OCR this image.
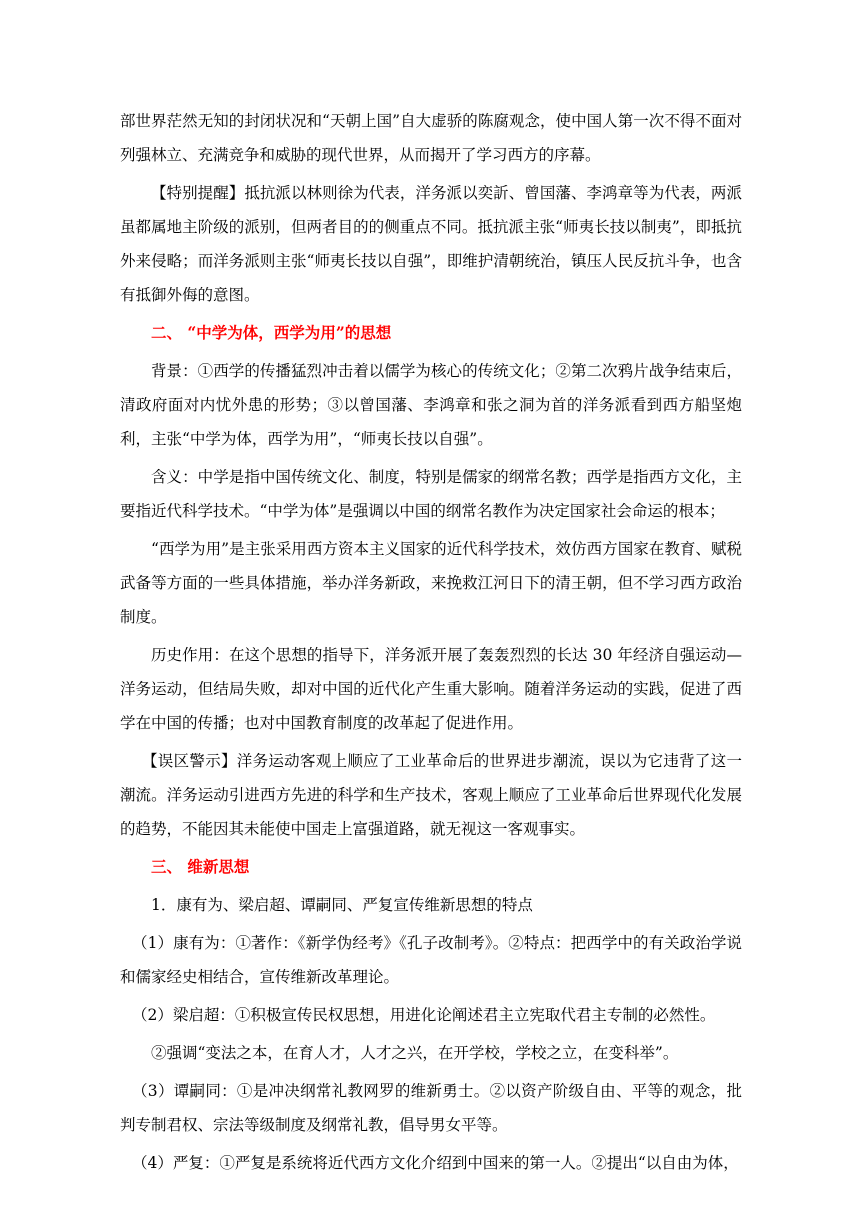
部世界茫然无知的封闭状况和“天朝上国”自大虚骄的陈腐观念，使中国人第一次不得不面对列强林立、充满竞争和威胁的现代世界，从而揭开了学习西方的序幕。

【特别提醒】抵抗派以林则徐为代表，洋务派以奕訢、曾国藩、李鸿章等为代表，两派虽都属地主阶级的派别，但两者目的的侧重点不同。抵抗派主张“师夷长技以制夷”，即抵抗外来侵略；而洋务派则主张“师夷长技以自强”，即维护清朝统治，镇压人民反抗斗争，也含有抵御外侮的意图。

二、 “中学为体，西学为用”的思想

背景：①西学的传播猛烈冲击着以儒学为核心的传统文化；②第二次鸦片战争结束后，清政府面对内忧外患的形势；③以曾国藩、李鸿章和张之洞为首的洋务派看到西方船坚炮利，主张“中学为体，西学为用”，“师夷长技以自强”。

含义：中学是指中国传统文化、制度，特别是儒家的纲常名教；西学是指西方文化，主要指近代科学技术。“中学为体”是强调以中国的纲常名教作为决定国家社会命运的根本；

“西学为用”是主张采用西方资本主义国家的近代科学技术，效仿西方国家在教育、赋税武备等方面的一些具体措施，举办洋务新政，来挽救江河日下的清王朝，但不学习西方政治制度。

历史作用：在这个思想的指导下，洋务派开展了轰轰烈烈的长达 30 年经济自强运动—洋务运动，但结局失败，却对中国的近代化产生重大影响。随着洋务运动的实践，促进了西学在中国的传播；也对中国教育制度的改革起了促进作用。

【误区警示】洋务运动客观上顺应了工业革命后的世界进步潮流，误以为它违背了这一潮流。洋务运动引进西方先进的科学和生产技术，客观上顺应了工业革命后世界现代化发展的趋势，不能因其未能使中国走上富强道路，就无视这一客观事实。

三、 维新思想

1．康有为、梁启超、谭嗣同、严复宣传维新思想的特点

（1）康有为：①著作：《新学伪经考》《孔子改制考》。②特点：把西学中的有关政治学说和儒家经史相结合，宣传维新改革理论。

（2）梁启超：①积极宣传民权思想，用进化论阐述君主立宪取代君主专制的必然性。

②强调“变法之本，在育人才，人才之兴，在开学校，学校之立，在变科举”。

（3）谭嗣同：①是冲决纲常礼教网罗的维新勇士。②以资产阶级自由、平等的观念，批判专制君权、宗法等级制度及纲常礼教，倡导男女平等。

（4）严复：①严复是系统将近代西方文化介绍到中国来的第一人。②提出“以自由为体，
